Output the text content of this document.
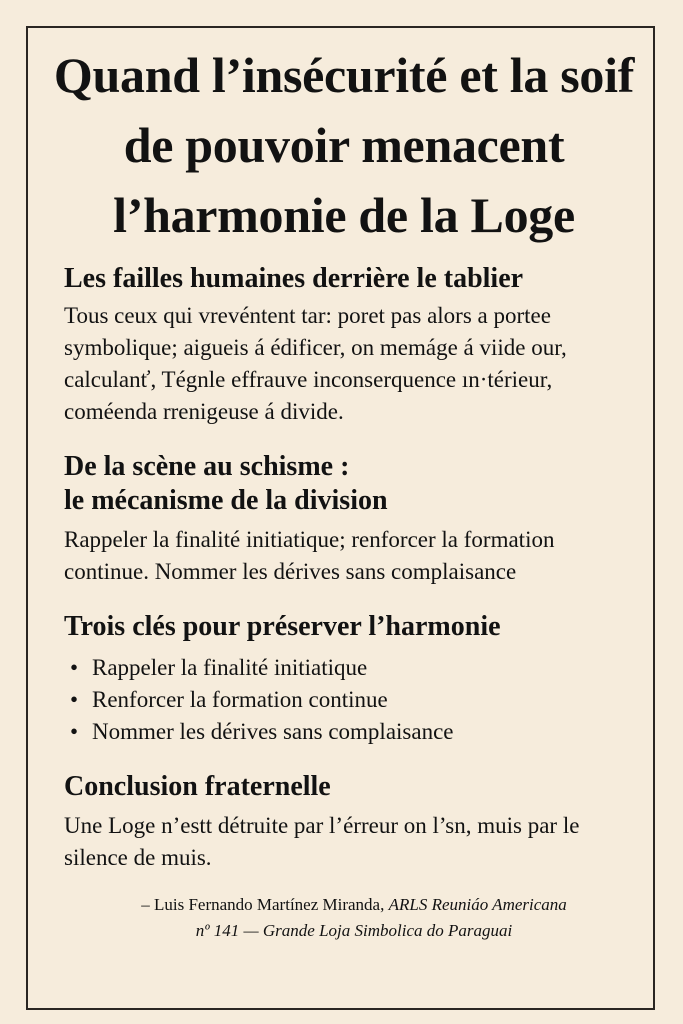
Quand l’insécurité et la soif de pouvoir menacent l’harmonie de la Loge
Les failles humaines derrière le tablier

Tous ceux qui vrevéntent tar: poret pas alors a portee symbolique; aigueis á édificer, on memáge á viide our, calculanť, Tégnle effrauve inconserquence ın·térieur, coméenda rrenigeuse á divide.

De la scène au schisme :
le mécanisme de la division

Rappeler la finalité initiatique; renforcer la formation continue. Nommer les dérives sans complaisance

Trois clés pour préserver l’harmonie
• Rappeler la finalité initiatique
• Renforcer la formation continue
• Nommer les dérives sans complaisance
Conclusion fraternelle

Une Loge n’estt détruite par l’érreur on l’sn, muis par le silence de muis.

– Luis Fernando Martínez Miranda, ARLS Reuniáo Americana
nº 141 — Grande Loja Simbolica do Paraguai
